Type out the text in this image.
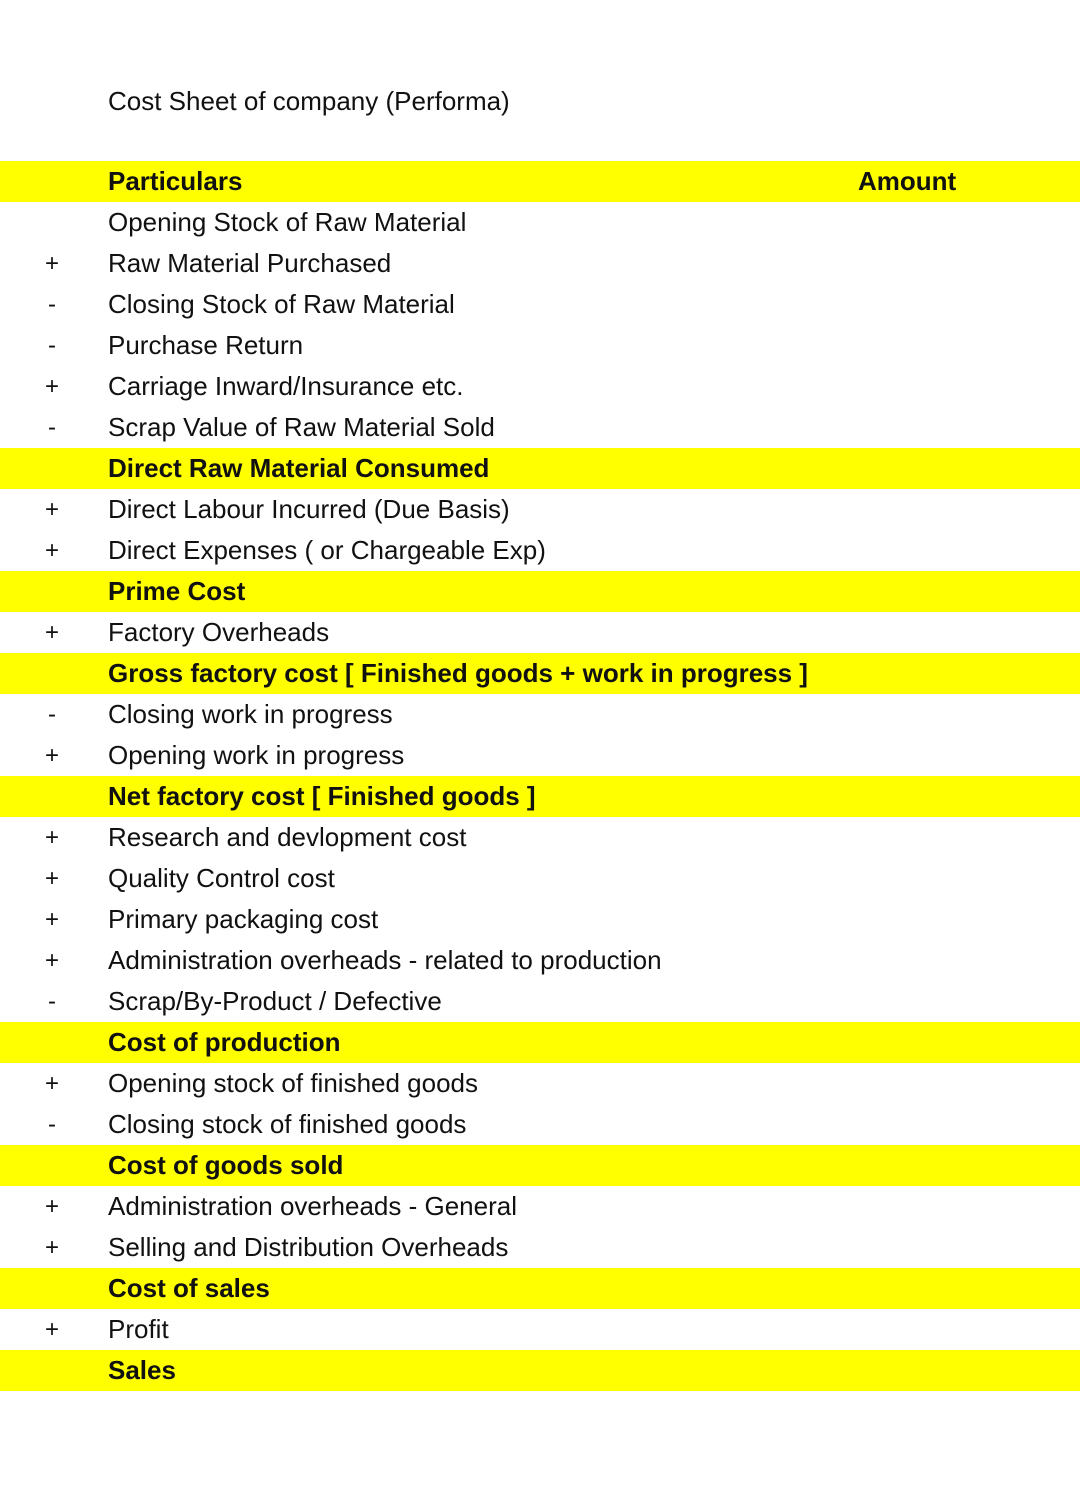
Cost Sheet of company (Performa)
Particulars	Amount
Opening Stock of Raw Material
+ Raw Material Purchased
-	Closing Stock of Raw Material
-	Purchase Return
+ Carriage Inward/Insurance etc.
-	Scrap Value of Raw Material Sold
Direct Raw Material Consumed
+ Direct Labour Incurred (Due Basis)
+ Direct Expenses ( or Chargeable Exp)
Prime Cost
+ Factory Overheads
Gross factory cost [ Finished goods + work in progress ]
-	Closing work in progress
+ Opening work in progress
Net factory cost [ Finished goods ]
+ Research and devlopment cost
+ Quality Control cost
+ Primary packaging cost
+ Administration overheads - related to production
-	Scrap/By-Product / Defective
Cost of production
+ Opening stock of finished goods
-	Closing stock of finished goods
Cost of goods sold
+ Administration overheads - General
+ Selling and Distribution Overheads
Cost of sales
+ Profit
Sales
